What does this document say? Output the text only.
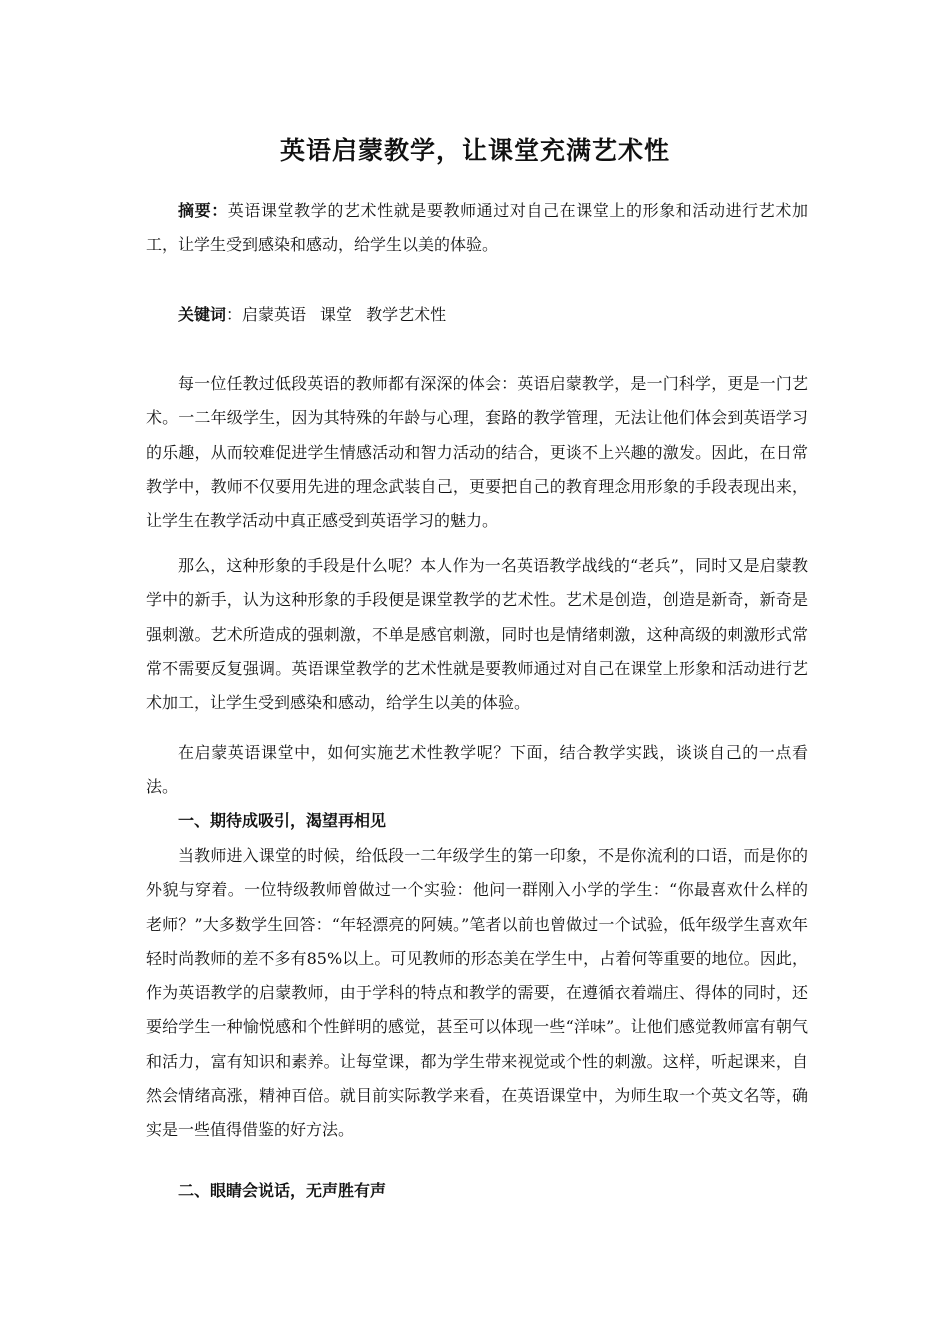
英语启蒙教学，让课堂充满艺术性

摘要：英语课堂教学的艺术性就是要教师通过对自己在课堂上的形象和活动进行艺术加工，让学生受到感染和感动，给学生以美的体验。

关键词：启蒙英语 课堂 教学艺术性

每一位任教过低段英语的教师都有深深的体会：英语启蒙教学，是一门科学，更是一门艺术。一二年级学生，因为其特殊的年龄与心理，套路的教学管理，无法让他们体会到英语学习的乐趣，从而较难促进学生情感活动和智力活动的结合，更谈不上兴趣的激发。因此，在日常教学中，教师不仅要用先进的理念武装自己，更要把自己的教育理念用形象的手段表现出来，让学生在教学活动中真正感受到英语学习的魅力。

那么，这种形象的手段是什么呢？本人作为一名英语教学战线的“老兵”，同时又是启蒙教学中的新手，认为这种形象的手段便是课堂教学的艺术性。艺术是创造，创造是新奇，新奇是强刺激。艺术所造成的强刺激，不单是感官刺激，同时也是情绪刺激，这种高级的刺激形式常常不需要反复强调。英语课堂教学的艺术性就是要教师通过对自己在课堂上形象和活动进行艺术加工，让学生受到感染和感动，给学生以美的体验。

在启蒙英语课堂中，如何实施艺术性教学呢？下面，结合教学实践，谈谈自己的一点看法。

一、期待成吸引，渴望再相见

当教师进入课堂的时候，给低段一二年级学生的第一印象，不是你流利的口语，而是你的外貌与穿着。一位特级教师曾做过一个实验：他问一群刚入小学的学生：“你最喜欢什么样的老师？”大多数学生回答：“年轻漂亮的阿姨。”笔者以前也曾做过一个试验，低年级学生喜欢年轻时尚教师的差不多有85%以上。可见教师的形态美在学生中，占着何等重要的地位。因此，作为英语教学的启蒙教师，由于学科的特点和教学的需要，在遵循衣着端庄、得体的同时，还要给学生一种愉悦感和个性鲜明的感觉，甚至可以体现一些“洋味”。让他们感觉教师富有朝气和活力，富有知识和素养。让每堂课，都为学生带来视觉或个性的刺激。这样，听起课来，自然会情绪高涨，精神百倍。就目前实际教学来看，在英语课堂中，为师生取一个英文名等，确实是一些值得借鉴的好方法。

二、眼睛会说话，无声胜有声
